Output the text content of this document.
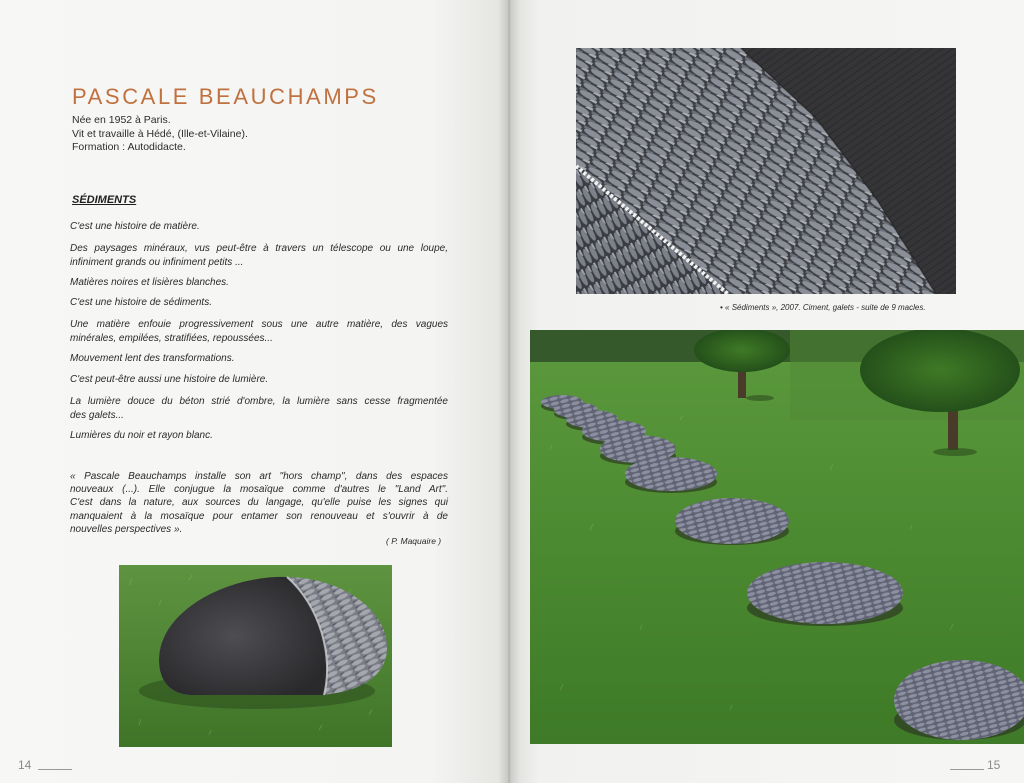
PASCALE BEAUCHAMPS
Née en 1952 à Paris.
Vit et travaille à Hédé, (Ille-et-Vilaine).
Formation : Autodidacte.
SÉDIMENTS
C'est une histoire de matière.
Des paysages minéraux, vus peut-être à travers un télescope ou une loupe,
infiniment grands ou infiniment petits ...
Matières noires et lisières blanches.
C'est une histoire de sédiments.
Une matière enfouie progressivement sous une autre matière, des vagues
minérales, empilées, stratifiées, repoussées...
Mouvement lent des transformations.
C'est peut-être aussi une histoire de lumière.
La lumière douce du béton strié d'ombre, la lumière sans cesse fragmentée
des galets...
Lumières du noir et rayon blanc.
« Pascale Beauchamps installe son art "hors champ", dans des espaces
nouveaux (...). Elle conjugue la mosaïque comme d'autres le "Land Art".
C'est dans la nature, aux sources du langage, qu'elle puise les signes qui
manquaient à la mosaïque pour entamer son renouveau et s'ouvrir à de
nouvelles perspectives ».
( P. Maquaire )
14
• « Sédiments », 2007. Ciment, galets - suite de 9 macles.
15
